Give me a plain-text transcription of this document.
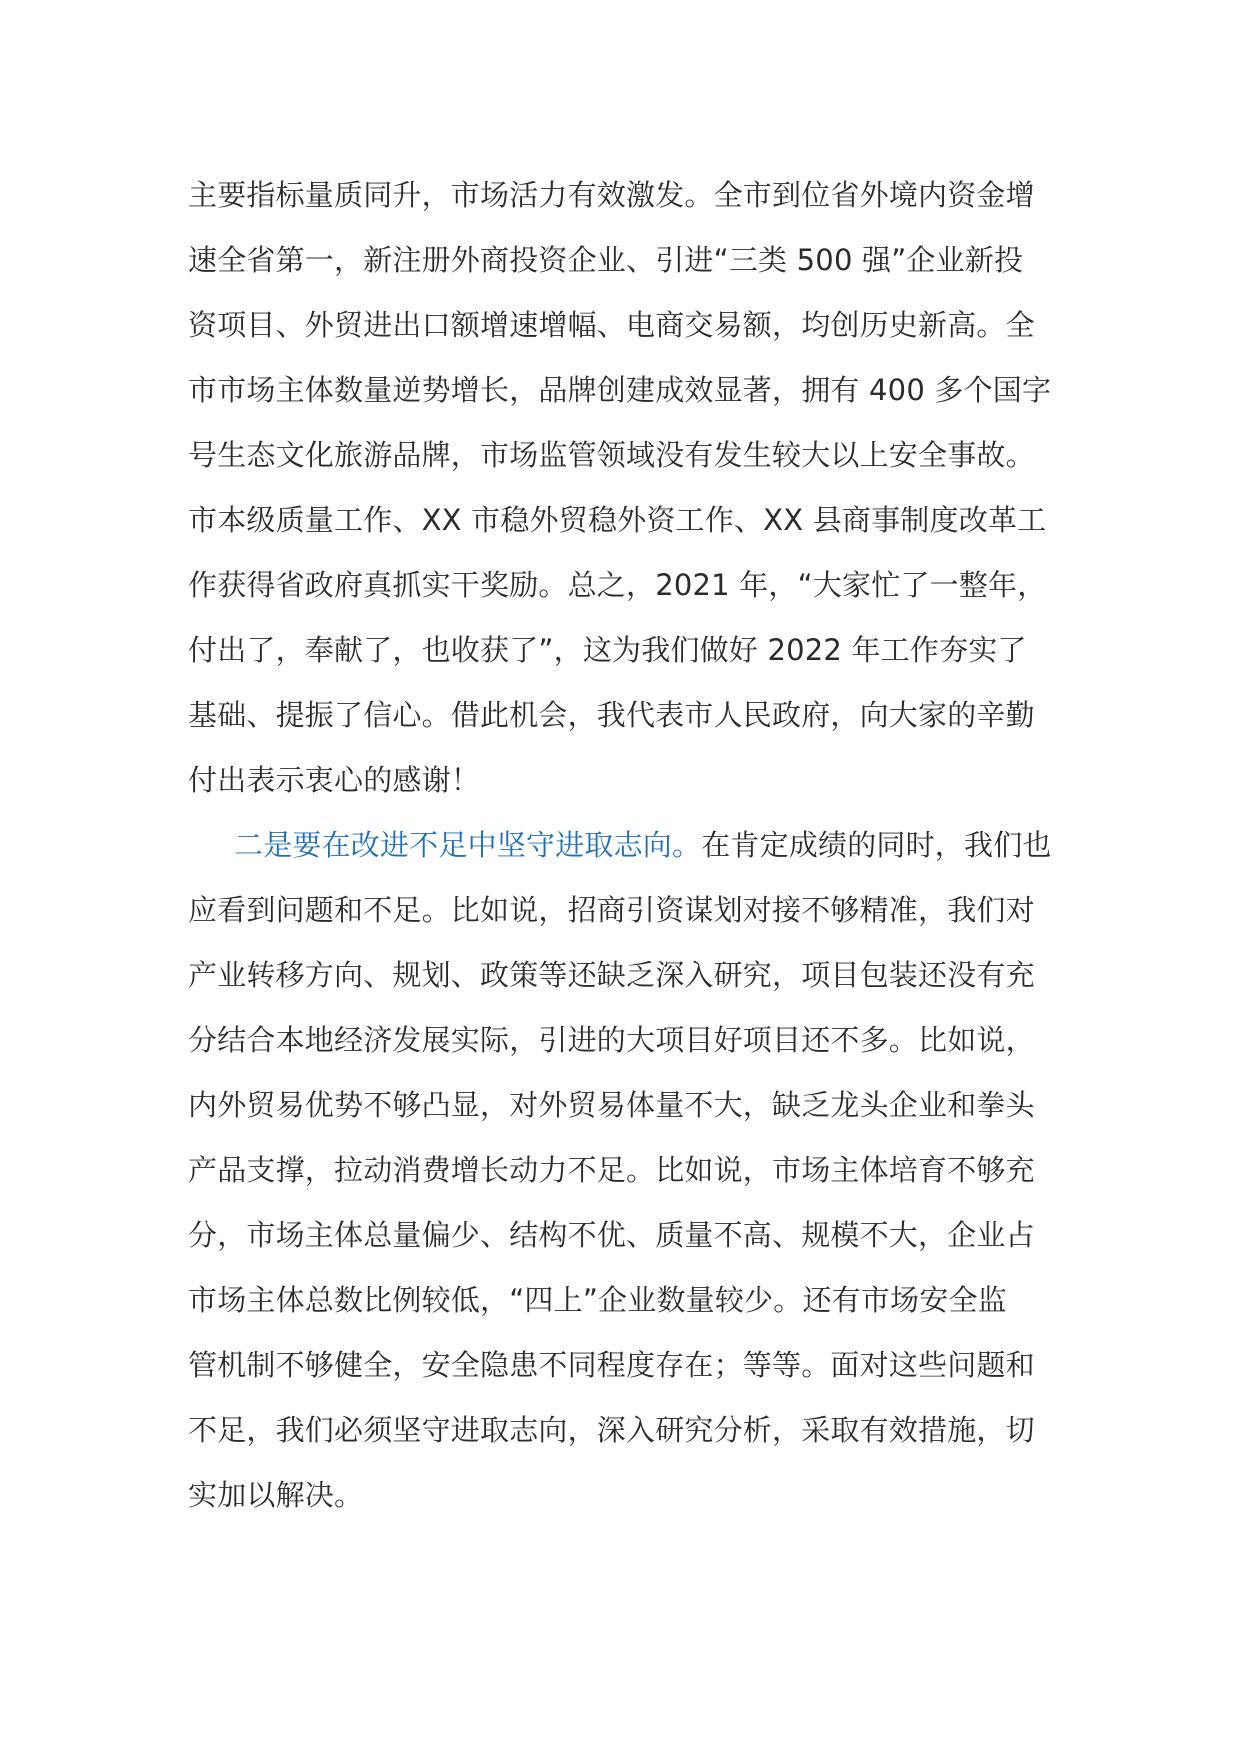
主要指标量质同升，市场活力有效激发。全市到位省外境内资金增
速全省第一，新注册外商投资企业、引进“三类 500 强”企业新投
资项目、外贸进出口额增速增幅、电商交易额，均创历史新高。全
市市场主体数量逆势增长，品牌创建成效显著，拥有 400 多个国字
号生态文化旅游品牌，市场监管领域没有发生较大以上安全事故。
市本级质量工作、XX 市稳外贸稳外资工作、XX 县商事制度改革工
作获得省政府真抓实干奖励。总之，2021 年，“大家忙了一整年，
付出了，奉献了，也收获了”，这为我们做好 2022 年工作夯实了
基础、提振了信心。借此机会，我代表市人民政府，向大家的辛勤
付出表示衷心的感谢！
二是要在改进不足中坚守进取志向。在肯定成绩的同时，我们也
应看到问题和不足。比如说，招商引资谋划对接不够精准，我们对
产业转移方向、规划、政策等还缺乏深入研究，项目包装还没有充
分结合本地经济发展实际，引进的大项目好项目还不多。比如说，
内外贸易优势不够凸显，对外贸易体量不大，缺乏龙头企业和拳头
产品支撑，拉动消费增长动力不足。比如说，市场主体培育不够充
分，市场主体总量偏少、结构不优、质量不高、规模不大，企业占
市场主体总数比例较低，“四上”企业数量较少。还有市场安全监
管机制不够健全，安全隐患不同程度存在；等等。面对这些问题和
不足，我们必须坚守进取志向，深入研究分析，采取有效措施，切
实加以解决。
